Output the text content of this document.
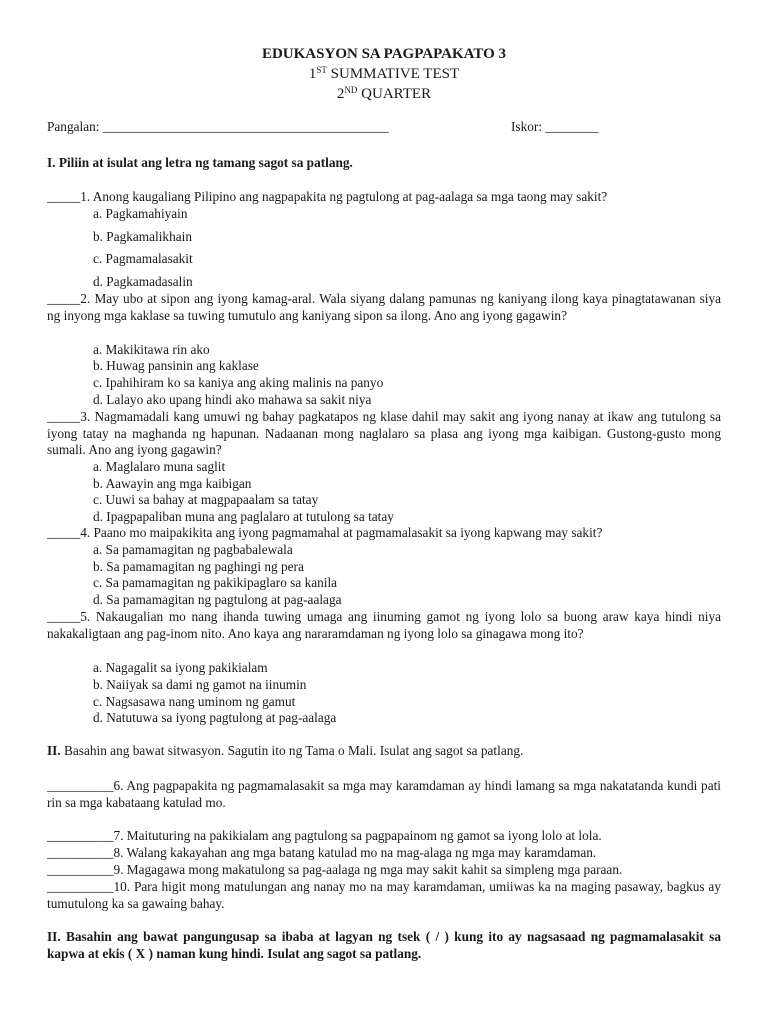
EDUKASYON SA PAGPAPAKATO 3
1ST SUMMATIVE TEST
2ND QUARTER
Pangalan: ___________________________________________	Iskor: ________
I. Piliin at isulat ang letra ng tamang sagot sa patlang.
_____1. Anong kaugaliang Pilipino ang nagpapakita ng pagtulong at pag-aalaga sa mga taong may sakit?
a. Pagkamahiyain
b. Pagkamalikhain
c. Pagmamalasakit
d. Pagkamadasalin
_____2. May ubo at sipon ang iyong kamag-aral. Wala siyang dalang pamunas ng kaniyang ilong kaya pinagtatawanan siya ng inyong mga kaklase sa tuwing tumutulo ang kaniyang sipon sa ilong. Ano ang iyong gagawin?
a. Makikitawa rin ako
b. Huwag pansinin ang kaklase
c. Ipahihiram ko sa kaniya ang aking malinis na panyo
d. Lalayo ako upang hindi ako mahawa sa sakit niya
_____3. Nagmamadali kang umuwi ng bahay pagkatapos ng klase dahil may sakit ang iyong nanay at ikaw ang tutulong sa iyong tatay na maghanda ng hapunan. Nadaanan mong naglalaro sa plasa ang iyong mga kaibigan. Gustong-gusto mong sumali. Ano ang iyong gagawin?
a. Maglalaro muna saglit
b. Aawayin ang mga kaibigan
c. Uuwi sa bahay at magpapaalam sa tatay
d. Ipagpapaliban muna ang paglalaro at tutulong sa tatay
_____4. Paano mo maipakikita ang iyong pagmamahal at pagmamalasakit sa iyong kapwang may sakit?
a. Sa pamamagitan ng pagbabalewala
b. Sa pamamagitan ng paghingi ng pera
c. Sa pamamagitan ng pakikipaglaro sa kanila
d. Sa pamamagitan ng pagtulong at pag-aalaga
_____5. Nakaugalian mo nang ihanda tuwing umaga ang iinuming gamot ng iyong lolo sa buong araw kaya hindi niya nakakaligtaan ang pag-inom nito. Ano kaya ang nararamdaman ng iyong lolo sa ginagawa mong ito?
a. Nagagalit sa iyong pakikialam
b. Naiiyak sa dami ng gamot na iinumin
c. Nagsasawa nang uminom ng gamut
d. Natutuwa sa iyong pagtulong at pag-aalaga
II. Basahin ang bawat sitwasyon. Sagutin ito ng Tama o Mali. Isulat ang sagot sa patlang.
__________6. Ang pagpapakita ng pagmamalasakit sa mga may karamdaman ay hindi lamang sa mga nakatatanda kundi pati rin sa mga kabataang katulad mo.
__________7. Maituturing na pakikialam ang pagtulong sa pagpapainom ng gamot sa iyong lolo at lola.
__________8. Walang kakayahan ang mga batang katulad mo na mag-alaga ng mga may karamdaman.
__________9. Magagawa mong makatulong sa pag-aalaga ng mga may sakit kahit sa simpleng mga paraan.
__________10. Para higit mong matulungan ang nanay mo na may karamdaman, umiiwas ka na maging pasaway, bagkus ay tumutulong ka sa gawaing bahay.
II. Basahin ang bawat pangungusap sa ibaba at lagyan ng tsek ( / ) kung ito ay nagsasaad ng pagmamalasakit sa kapwa at ekis ( X ) naman kung hindi. Isulat ang sagot sa patlang.
